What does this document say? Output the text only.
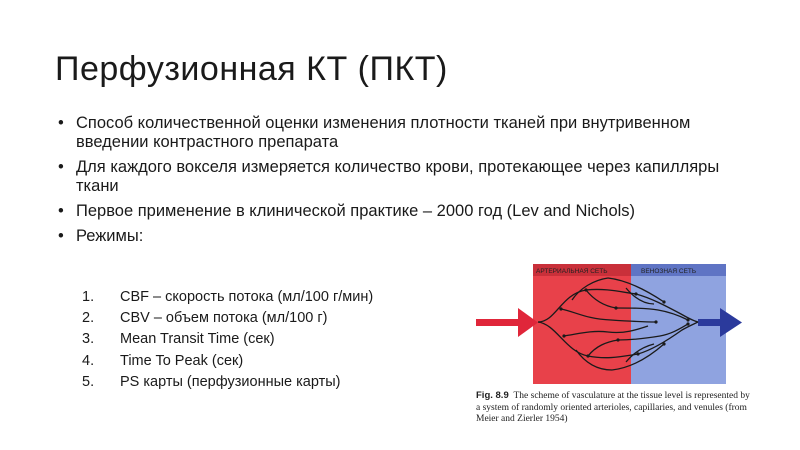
Перфузионная КТ (ПКТ)
• Способ количественной оценки изменения плотности тканей при внутривенном введении контрастного препарата
• Для каждого вокселя измеряется количество крови, протекающее через капилляры ткани
• Первое применение в клинической практике – 2000 год (Lev and Nichols)
• Режимы:
1. CBF – скорость потока (мл/100 г/мин)
2. CBV – объем потока (мл/100 г)
3. Mean Transit Time (сек)
4. Time To Peak (сек)
5. PS карты (перфузионные карты)
АРТЕРИАЛЬНАЯ СЕТЬ	ВЕНОЗНАЯ СЕТЬ
Fig. 8.9 The scheme of vasculature at the tissue level is represented by a system of randomly oriented arterioles, capillaries, and venules (from Meier and Zierler 1954)
